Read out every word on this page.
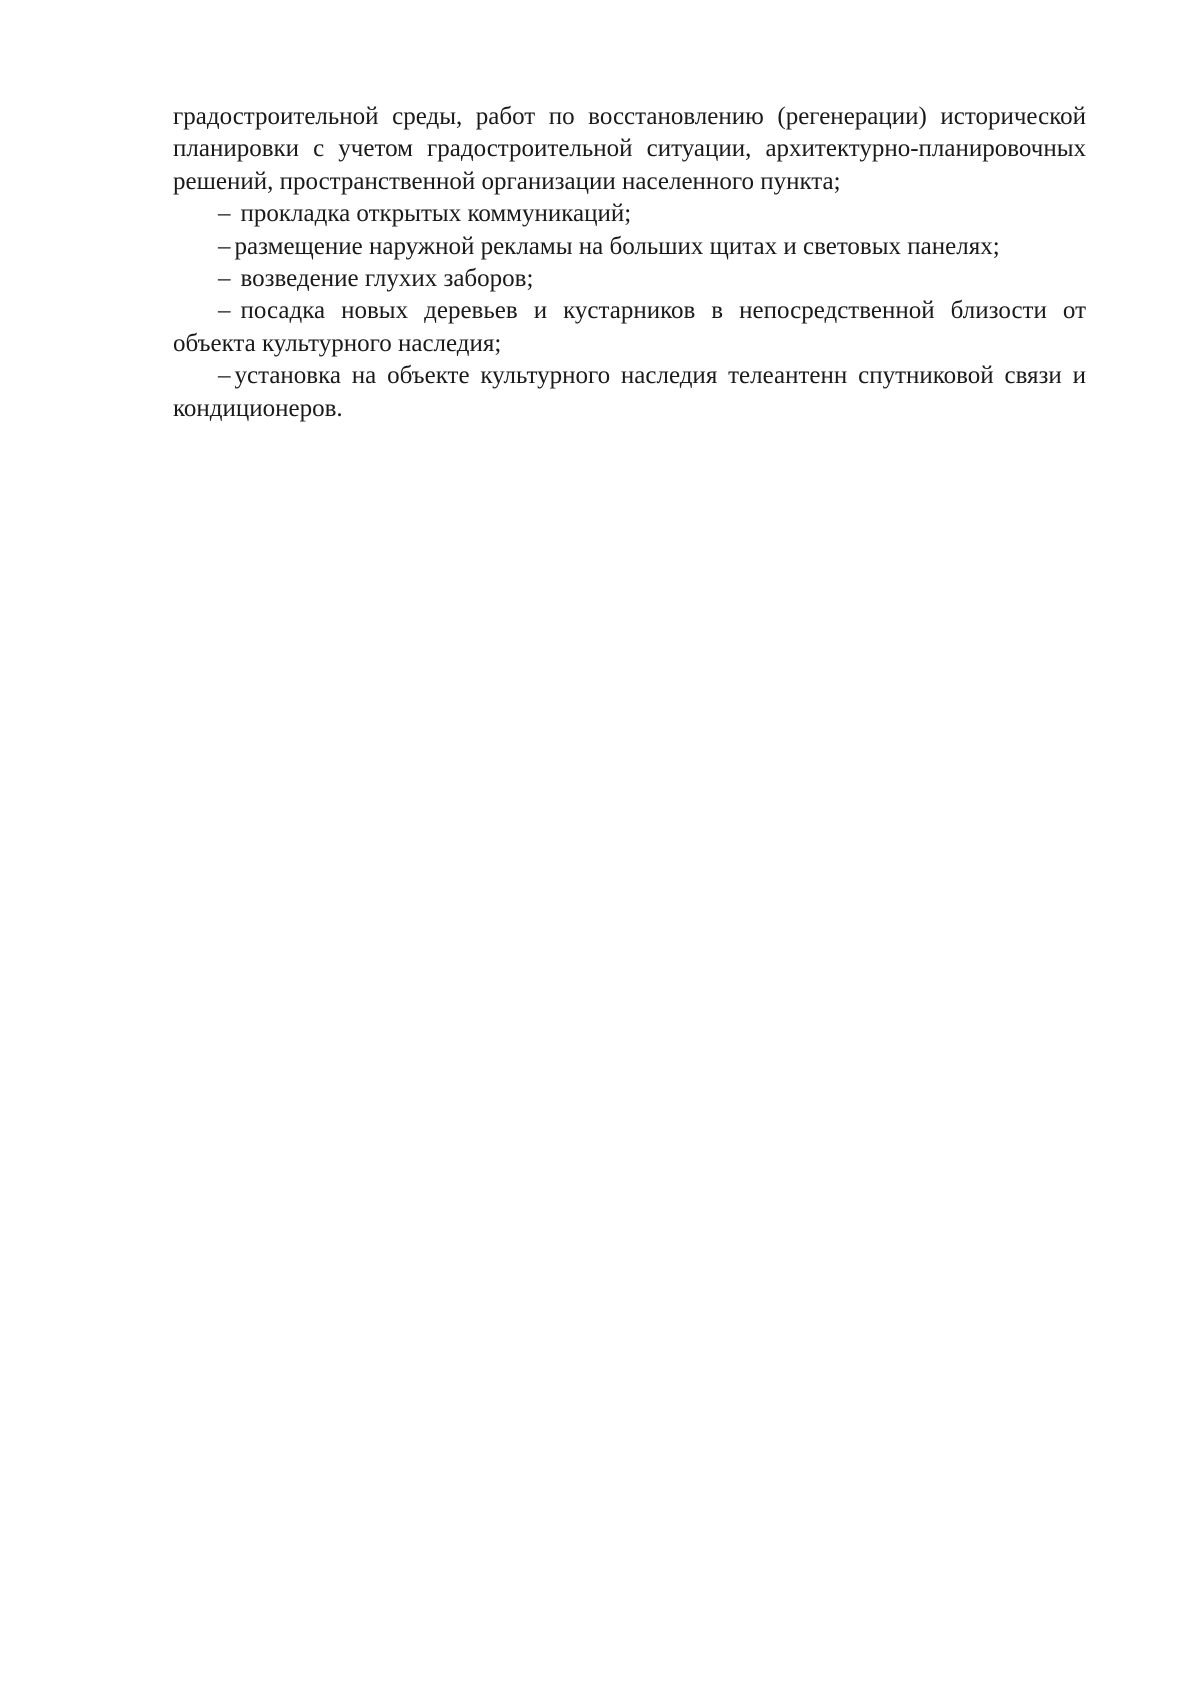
градостроительной среды, работ по восстановлению (регенерации) исторической планировки с учетом градостроительной ситуации, архитектурно-планировочных решений, пространственной организации населенного пункта;

– прокладка открытых коммуникаций;

– размещение наружной рекламы на больших щитах и световых панелях;

– возведение глухих заборов;

– посадка новых деревьев и кустарников в непосредственной близости от объекта культурного наследия;

– установка на объекте культурного наследия телеантенн спутниковой связи и кондиционеров.
